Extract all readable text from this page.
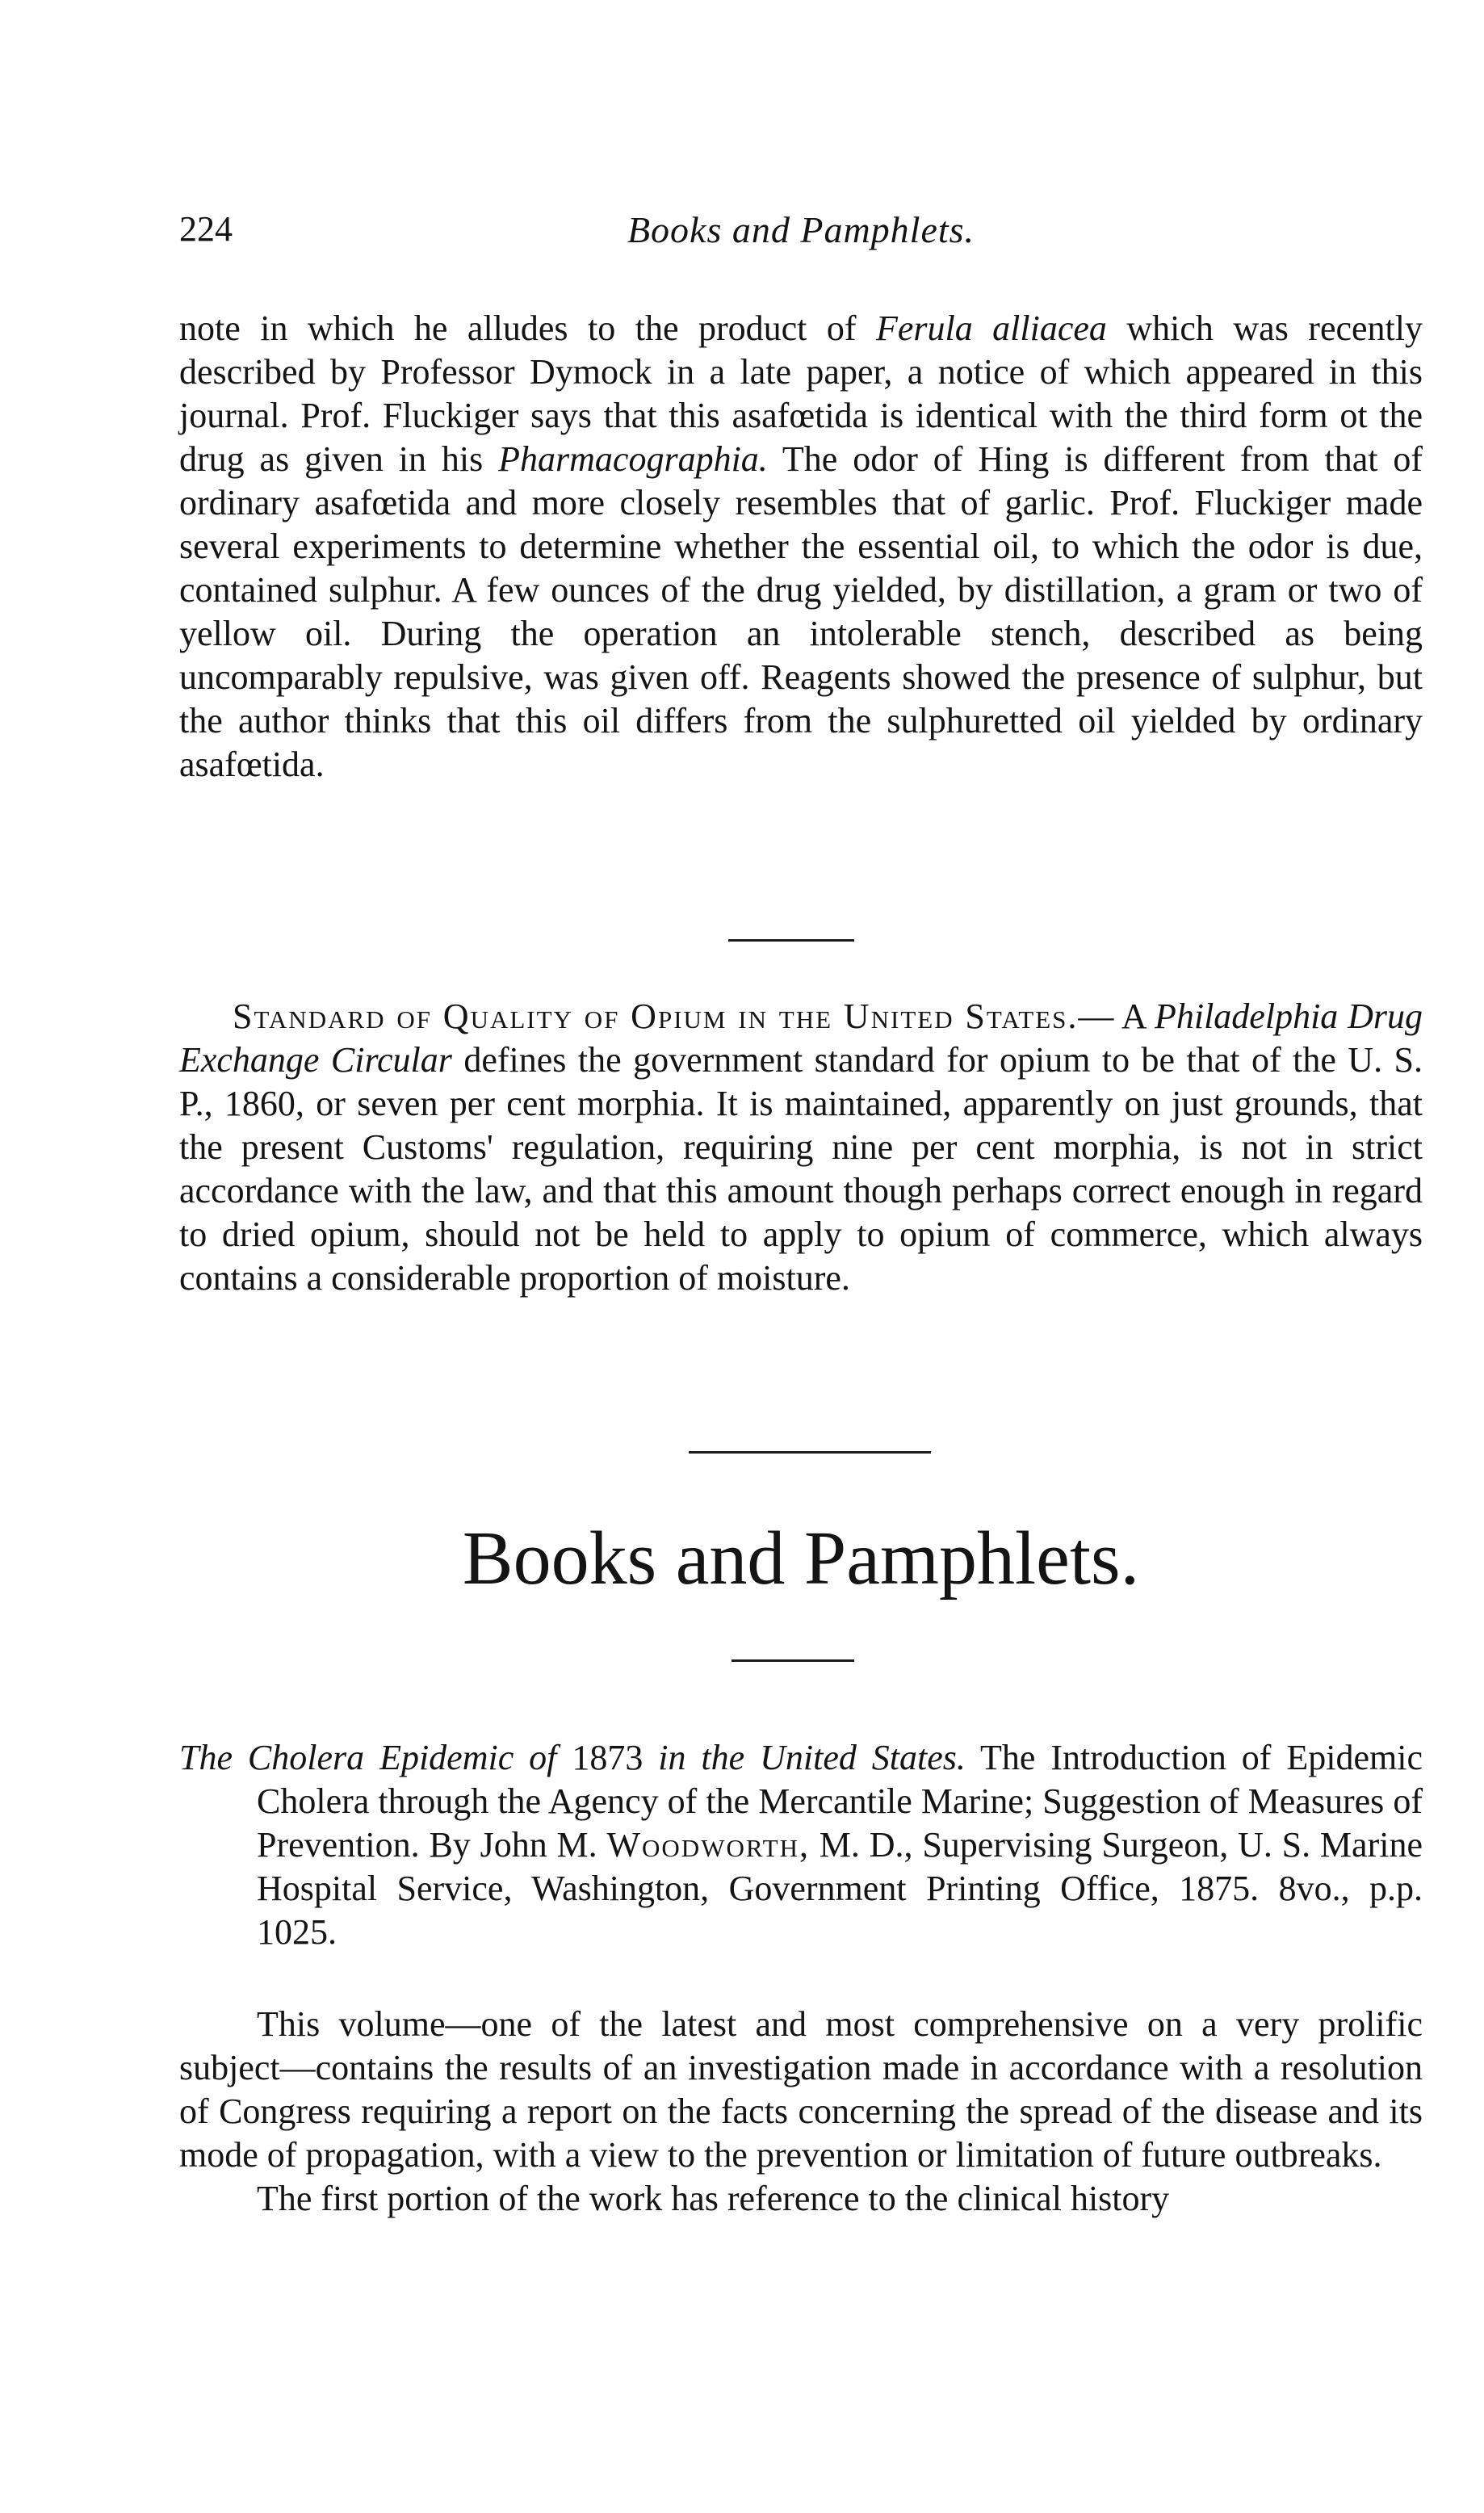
224	Books and Pamphlets.

note in which he alludes to the product of Ferula alliacea which was recently described by Professor Dymock in a late paper, a notice of which appeared in this journal. Prof. Fluckiger says that this asafœtida is identical with the third form ot the drug as given in his Pharmacographia. The odor of Hing is different from that of ordinary asafœtida and more closely resembles that of garlic. Prof. Fluckiger made several experiments to determine whether the essential oil, to which the odor is due, contained sulphur. A few ounces of the drug yielded, by distillation, a gram or two of yellow oil. During the operation an intolerable stench, described as being uncomparably repulsive, was given off. Reagents showed the presence of sulphur, but the author thinks that this oil differs from the sulphuretted oil yielded by ordinary asafœtida.

Standard of Quality of Opium in the United States.— A Philadelphia Drug Exchange Circular defines the government standard for opium to be that of the U. S. P., 1860, or seven per cent morphia. It is maintained, apparently on just grounds, that the present Customs' regulation, requiring nine per cent morphia, is not in strict accordance with the law, and that this amount though perhaps correct enough in regard to dried opium, should not be held to apply to opium of commerce, which always contains a considerable proportion of moisture.

Books and Pamphlets.

The Cholera Epidemic of 1873 in the United States. The Introduction of Epidemic Cholera through the Agency of the Mercantile Marine; Suggestion of Measures of Prevention. By John M. Woodworth, M. D., Supervising Surgeon, U. S. Marine Hospital Service, Washington, Government Printing Office, 1875. 8vo., p.p. 1025.

This volume—one of the latest and most comprehensive on a very prolific subject—contains the results of an investigation made in accordance with a resolution of Congress requiring a report on the facts concerning the spread of the disease and its mode of propagation, with a view to the prevention or limitation of future outbreaks.

The first portion of the work has reference to the clinical history
